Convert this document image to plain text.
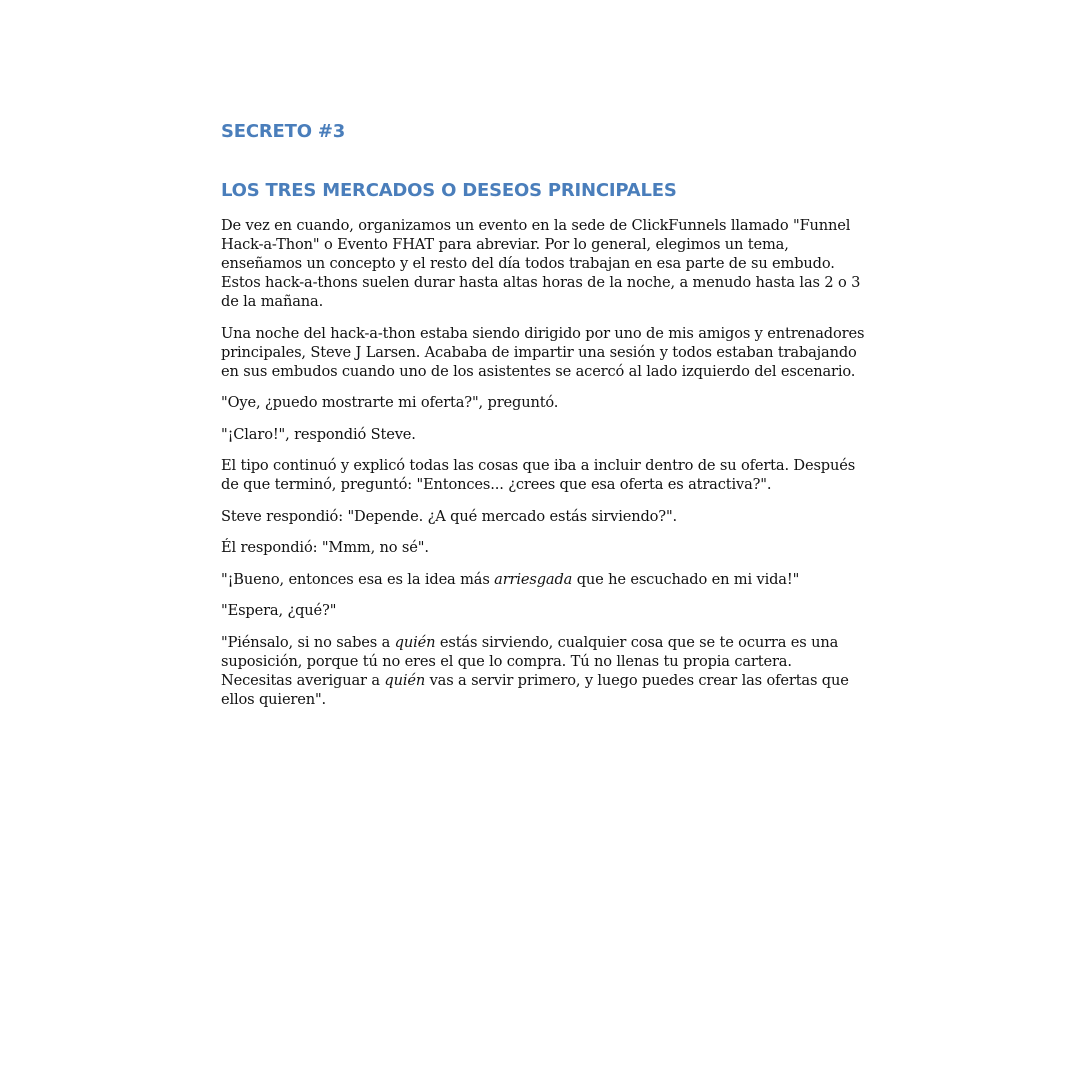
SECRETO #3
LOS TRES MERCADOS O DESEOS PRINCIPALES

De vez en cuando, organizamos un evento en la sede de ClickFunnels llamado "Funnel Hack-a-Thon" o Evento FHAT para abreviar. Por lo general, elegimos un tema, enseñamos un concepto y el resto del día todos trabajan en esa parte de su embudo. Estos hack-a-thons suelen durar hasta altas horas de la noche, a menudo hasta las 2 o 3 de la mañana.

Una noche del hack-a-thon estaba siendo dirigido por uno de mis amigos y entrenadores principales, Steve J Larsen. Acababa de impartir una sesión y todos estaban trabajando en sus embudos cuando uno de los asistentes se acercó al lado izquierdo del escenario.

"Oye, ¿puedo mostrarte mi oferta?", preguntó.

"¡Claro!", respondió Steve.

El tipo continuó y explicó todas las cosas que iba a incluir dentro de su oferta. Después de que terminó, preguntó: "Entonces... ¿crees que esa oferta es atractiva?".

Steve respondió: "Depende. ¿A qué mercado estás sirviendo?".

Él respondió: "Mmm, no sé".

"¡Bueno, entonces esa es la idea más arriesgada que he escuchado en mi vida!"

"Espera, ¿qué?"

"Piénsalo, si no sabes a quién estás sirviendo, cualquier cosa que se te ocurra es una suposición, porque tú no eres el que lo compra. Tú no llenas tu propia cartera. Necesitas averiguar a quién vas a servir primero, y luego puedes crear las ofertas que ellos quieren".
